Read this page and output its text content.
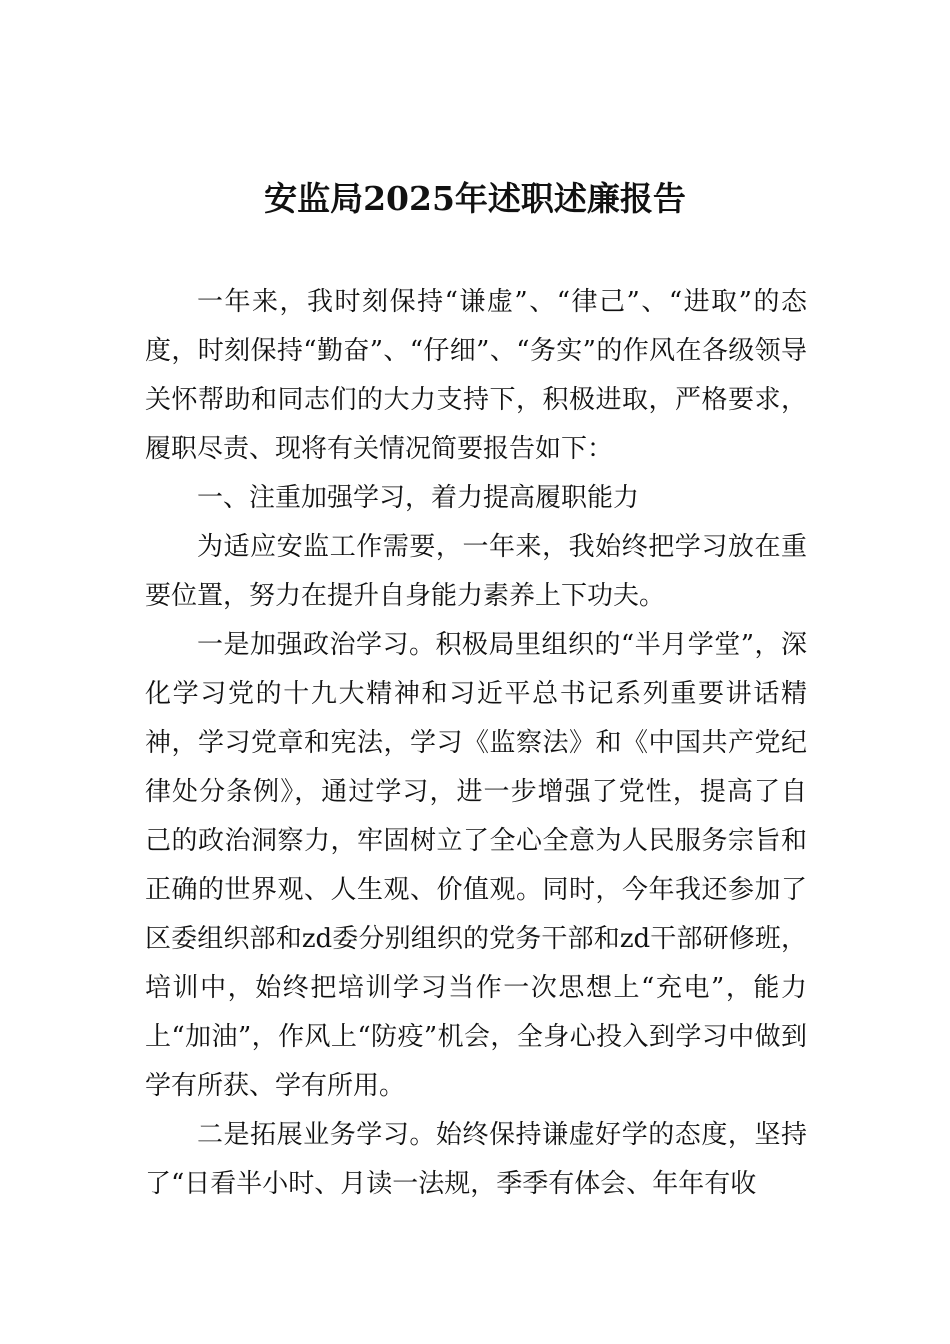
安监局2025年述职述廉报告

一年来，我时刻保持“谦虚”、“律己”、“进取”的态度，时刻保持“勤奋”、“仔细”、“务实”的作风在各级领导关怀帮助和同志们的大力支持下，积极进取，严格要求，履职尽责、现将有关情况简要报告如下：

一、注重加强学习，着力提高履职能力

为适应安监工作需要，一年来，我始终把学习放在重要位置，努力在提升自身能力素养上下功夫。

一是加强政治学习。积极局里组织的“半月学堂”，深化学习党的十九大精神和习近平总书记系列重要讲话精神，学习党章和宪法，学习《监察法》和《中国共产党纪律处分条例》，通过学习，进一步增强了党性，提高了自己的政治洞察力，牢固树立了全心全意为人民服务宗旨和正确的世界观、人生观、价值观。同时，今年我还参加了区委组织部和zd委分别组织的党务干部和zd干部研修班，培训中，始终把培训学习当作一次思想上“充电”，能力上“加油”，作风上“防疫”机会，全身心投入到学习中做到学有所获、学有所用。

二是拓展业务学习。始终保持谦虚好学的态度，坚持了“日看半小时、月读一法规，季季有体会、年年有收
